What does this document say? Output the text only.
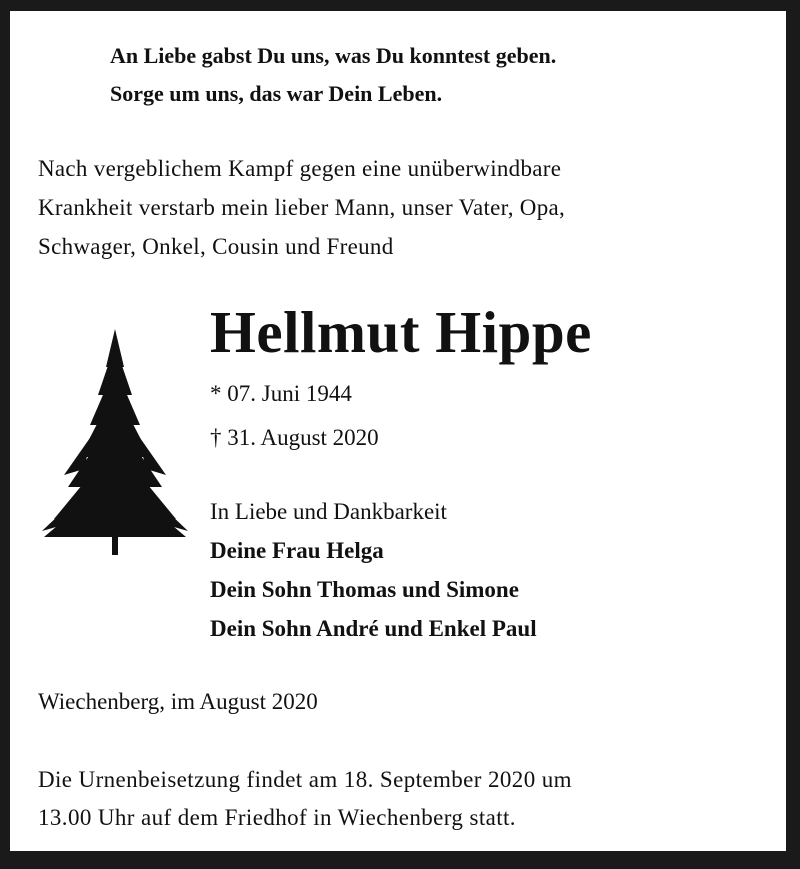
An Liebe gabst Du uns, was Du konntest geben.
Sorge um uns, das war Dein Leben.
Nach vergeblichem Kampf gegen eine unüberwindbare
Krankheit verstarb mein lieber Mann, unser Vater, Opa,
Schwager, Onkel, Cousin und Freund
Hellmut Hippe
* 07. Juni 1944
† 31. August 2020
In Liebe und Dankbarkeit
Deine Frau Helga
Dein Sohn Thomas und Simone
Dein Sohn André und Enkel Paul
Wiechenberg, im August 2020
Die Urnenbeisetzung findet am 18. September 2020 um
13.00 Uhr auf dem Friedhof in Wiechenberg statt.
